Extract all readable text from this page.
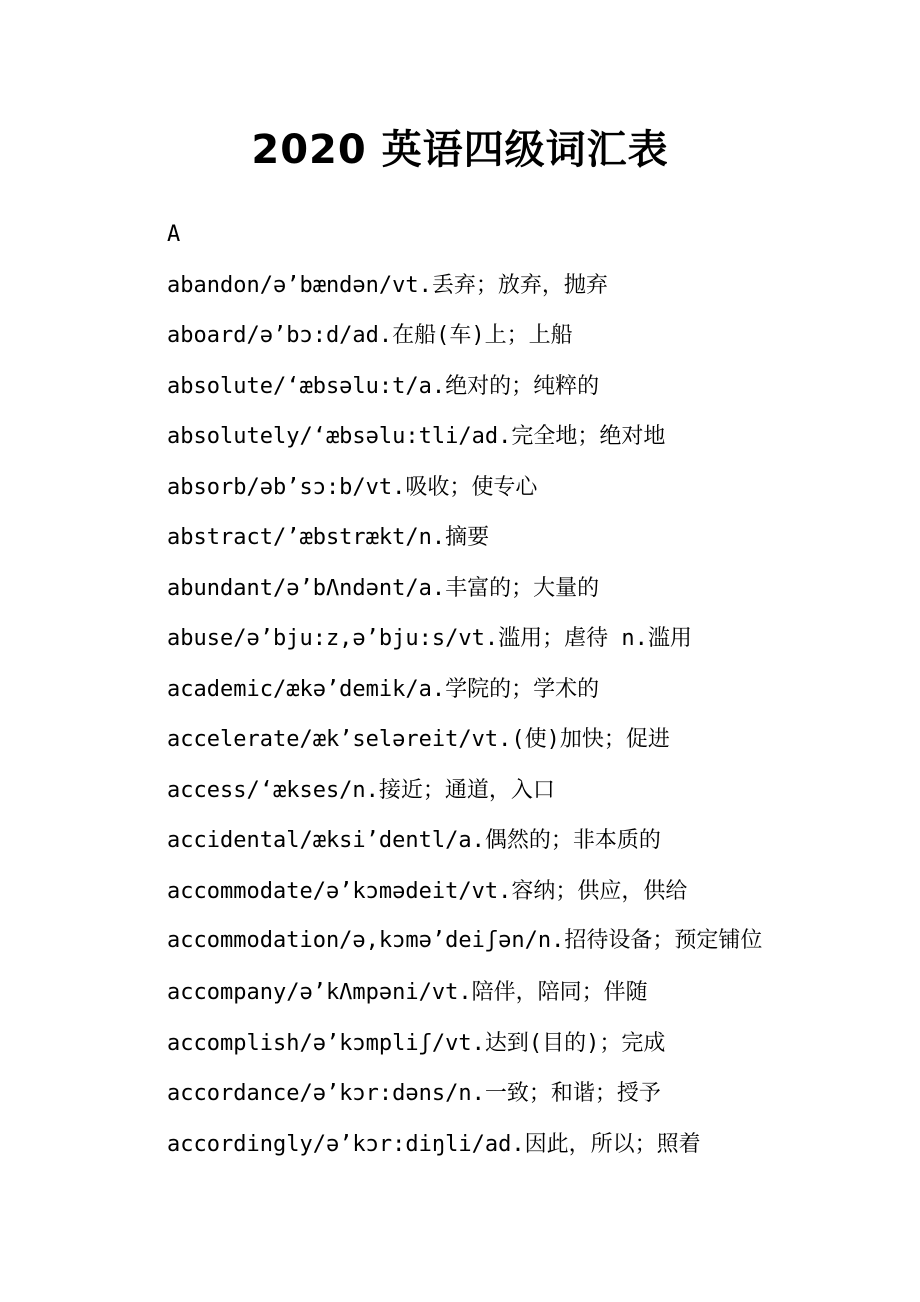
2020 英语四级词汇表
A
abandon/ə’bændən/vt.丢弃；放弃，抛弃
aboard/ə’bɔ:d/ad.在船(车)上；上船
absolute/‘æbsəlu:t/a.绝对的；纯粹的
absolutely/‘æbsəlu:tli/ad.完全地；绝对地
absorb/əb’sɔ:b/vt.吸收；使专心
abstract/’æbstrækt/n.摘要
abundant/ə’bΛndənt/a.丰富的；大量的
abuse/ə’bju:z,ə’bju:s/vt.滥用；虐待 n.滥用
academic/ækə’demik/a.学院的；学术的
accelerate/æk’seləreit/vt.(使)加快；促进
access/‘ækses/n.接近；通道，入口
accidental/æksi’dentl/a.偶然的；非本质的
accommodate/ə’kɔmədeit/vt.容纳；供应，供给
accommodation/ə,kɔmə’deiʃən/n.招待设备；预定铺位
accompany/ə’kΛmpəni/vt.陪伴，陪同；伴随
accomplish/ə’kɔmpliʃ/vt.达到(目的)；完成
accordance/ə’kɔr:dəns/n.一致；和谐；授予
accordingly/ə’kɔr:diŋli/ad.因此，所以；照着
